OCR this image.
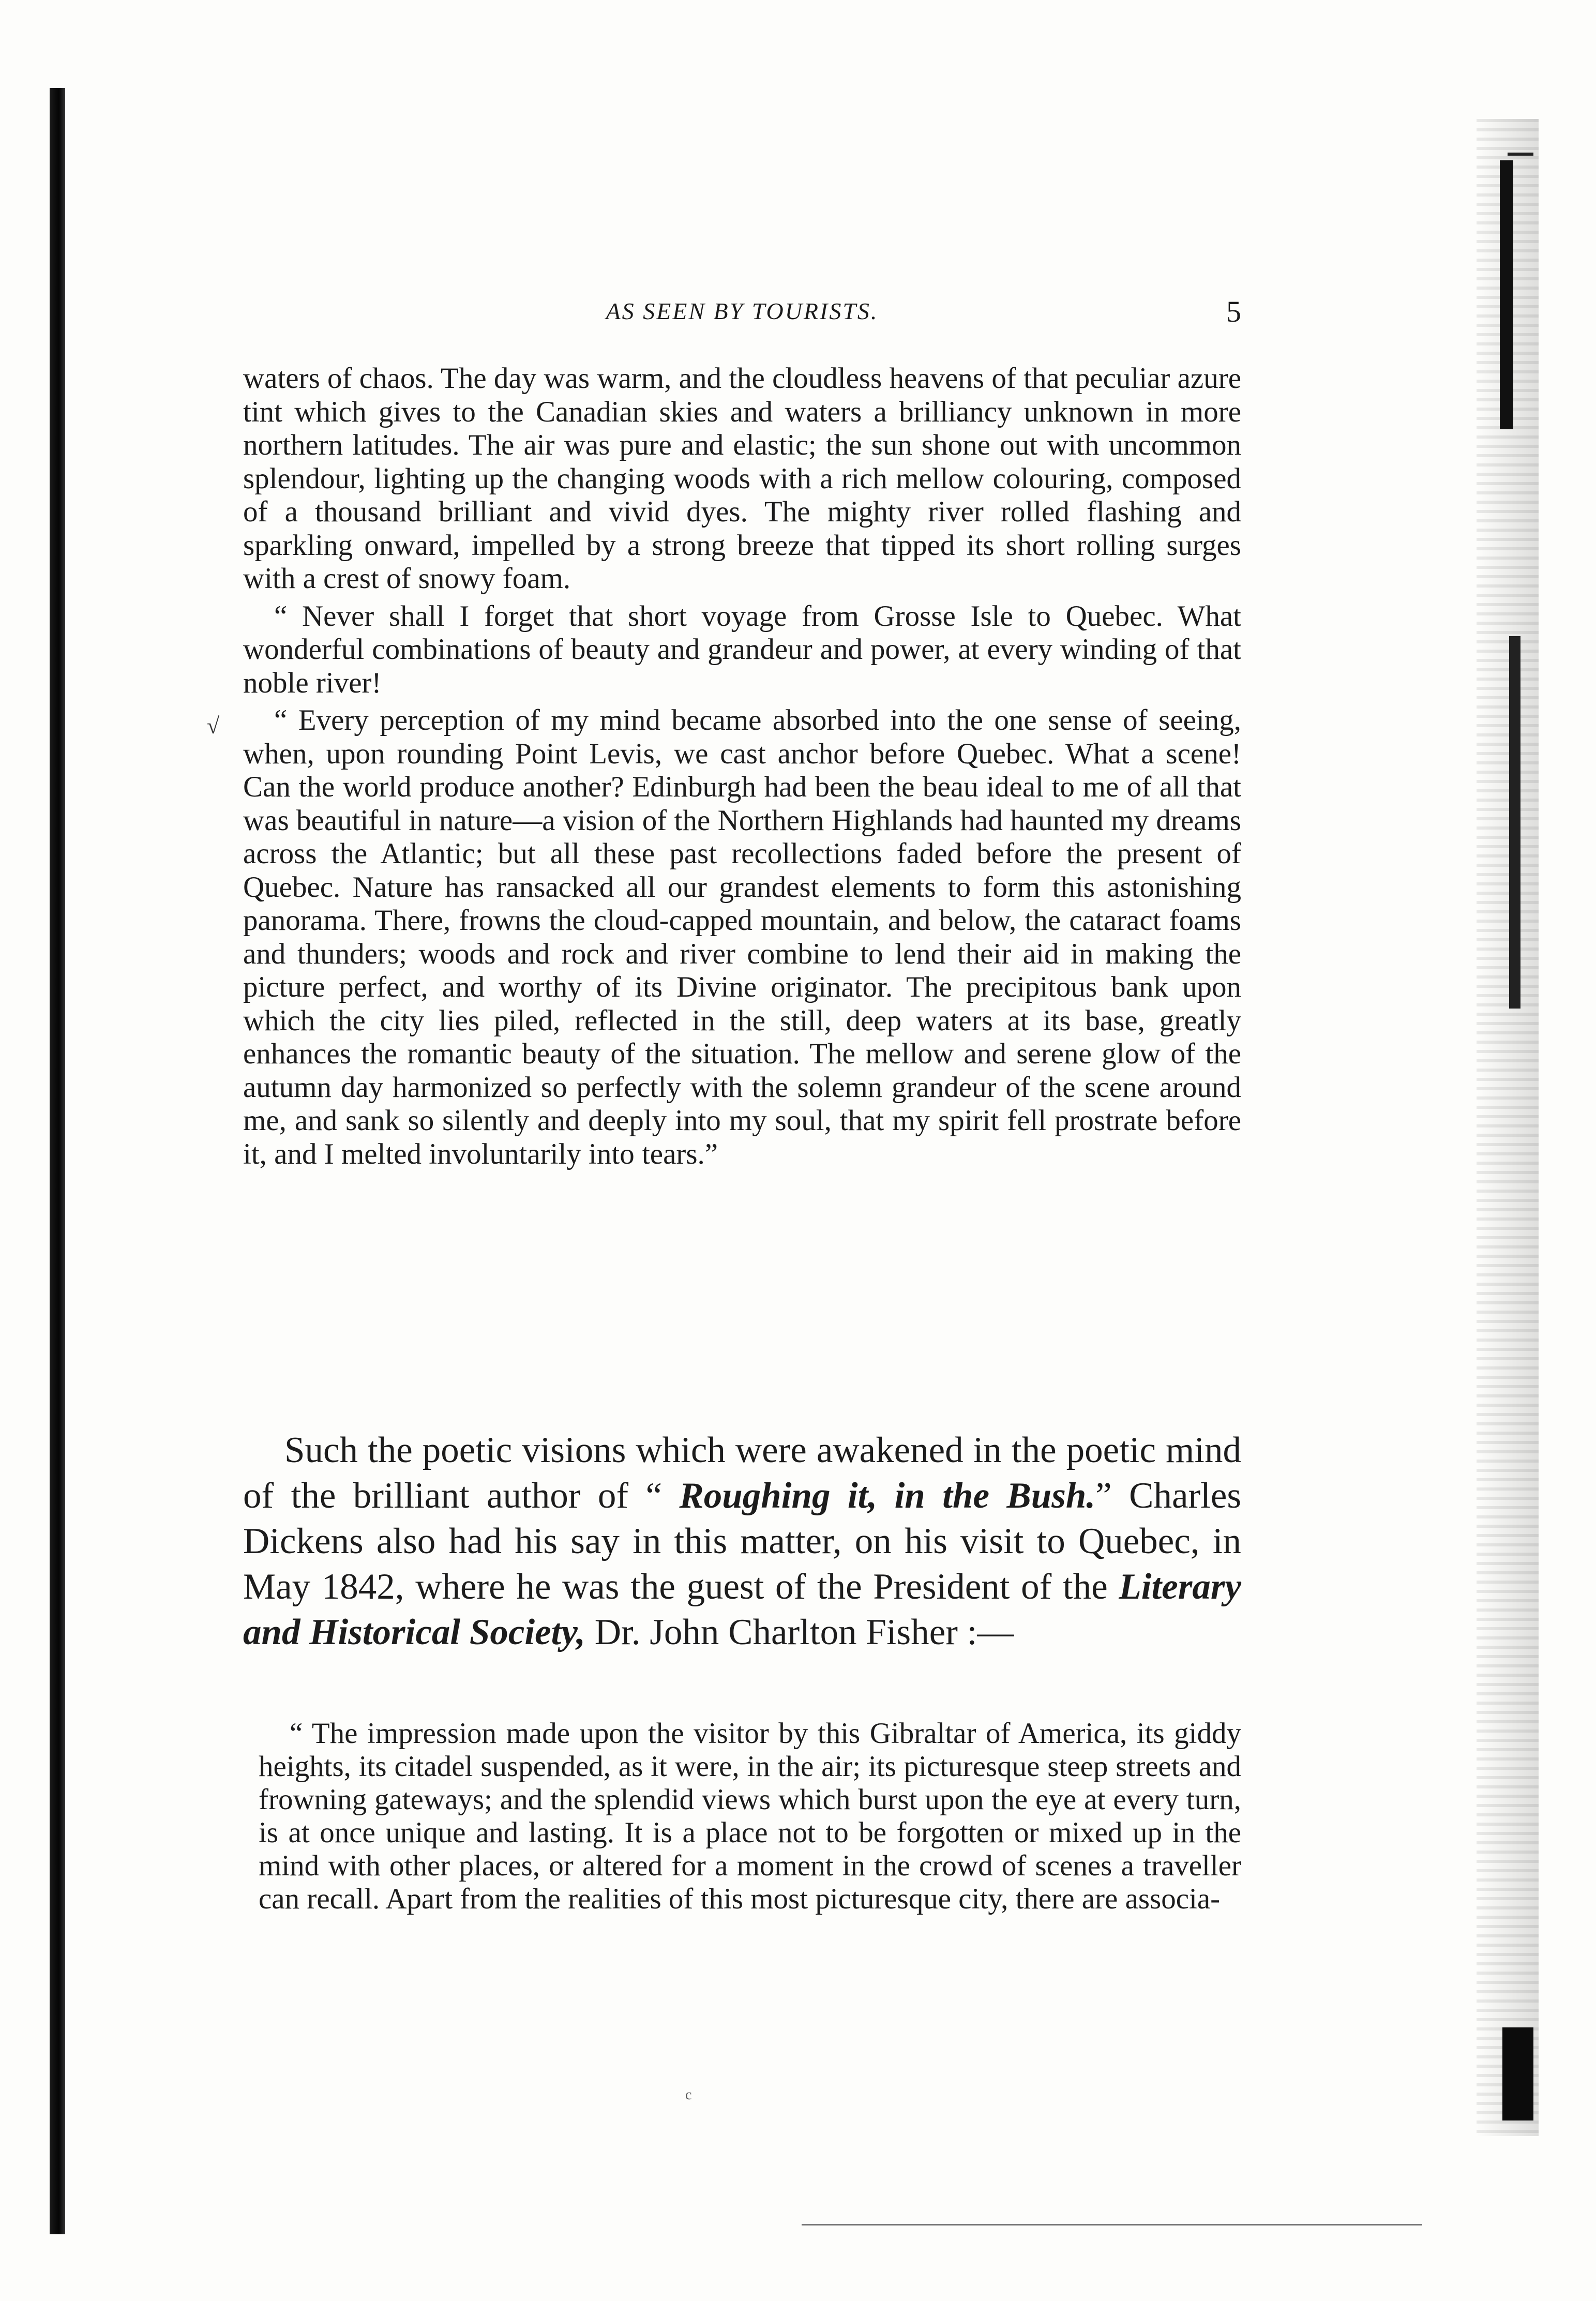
AS SEEN BY TOURISTS.	5
√

waters of chaos. The day was warm, and the cloudless heavens of that peculiar azure tint which gives to the Canadian skies and waters a brilliancy unknown in more northern latitudes. The air was pure and elastic; the sun shone out with uncommon splendour, lighting up the changing woods with a rich mellow colouring, composed of a thousand brilliant and vivid dyes. The mighty river rolled flashing and sparkling onward, impelled by a strong breeze that tipped its short rolling surges with a crest of snowy foam.

“ Never shall I forget that short voyage from Grosse Isle to Quebec. What wonderful combinations of beauty and grandeur and power, at every winding of that noble river!

“ Every perception of my mind became absorbed into the one sense of seeing, when, upon rounding Point Levis, we cast anchor before Quebec. What a scene! Can the world produce another? Edinburgh had been the beau ideal to me of all that was beautiful in nature—a vision of the Northern Highlands had haunted my dreams across the Atlantic; but all these past recollections faded before the present of Quebec. Nature has ransacked all our grandest elements to form this astonishing panorama. There, frowns the cloud-capped mountain, and below, the cataract foams and thunders; woods and rock and river combine to lend their aid in making the picture perfect, and worthy of its Divine originator. The precipitous bank upon which the city lies piled, reflected in the still, deep waters at its base, greatly enhances the romantic beauty of the situation. The mellow and serene glow of the autumn day harmonized so perfectly with the solemn grandeur of the scene around me, and sank so silently and deeply into my soul, that my spirit fell prostrate before it, and I melted involuntarily into tears.”

Such the poetic visions which were awakened in the poetic mind of the brilliant author of “ Roughing it, in the Bush.” Charles Dickens also had his say in this matter, on his visit to Quebec, in May 1842, where he was the guest of the President of the Literary and Historical Society, Dr. John Charlton Fisher :—

“ The impression made upon the visitor by this Gibraltar of America, its giddy heights, its citadel suspended, as it were, in the air; its picturesque steep streets and frowning gateways; and the splendid views which burst upon the eye at every turn, is at once unique and lasting. It is a place not to be forgotten or mixed up in the mind with other places, or altered for a moment in the crowd of scenes a traveller can recall. Apart from the realities of this most picturesque city, there are associa-

c
